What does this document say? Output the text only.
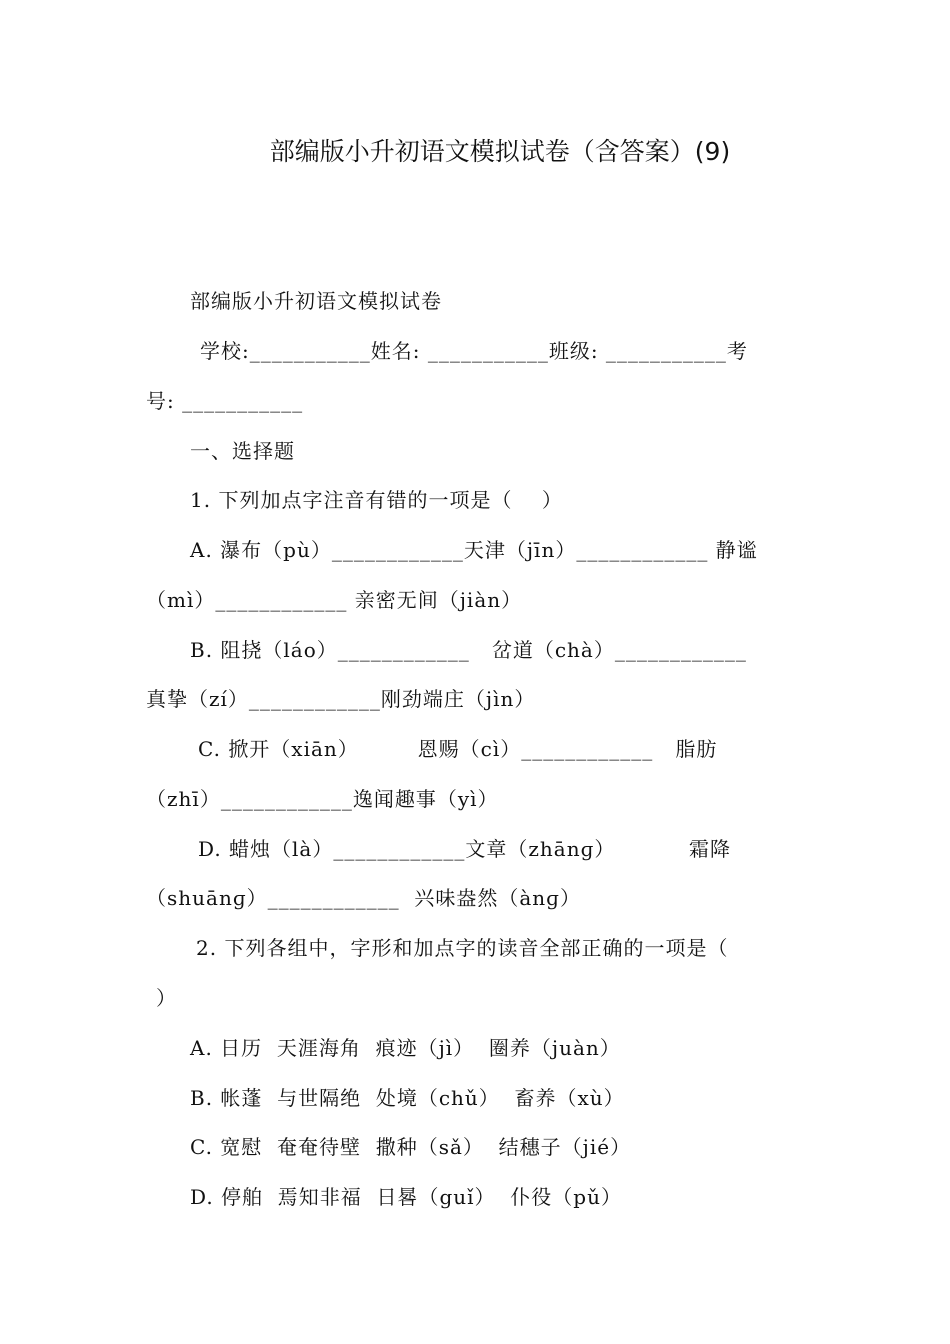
部编版小升初语文模拟试卷（含答案）(9)
部编版小升初语文模拟试卷
学校:___________姓名: ___________班级: ___________考
号: ___________
一、选择题
1. 下列加点字注音有错的一项是（    ）
A. 瀑布（pù）____________天津（jīn）____________ 静谧
（mì）____________ 亲密无间（jiàn）
B. 阻挠（láo）____________   岔道（chà）____________
真挚（zí）____________刚劲端庄（jìn）
C. 掀开（xiān）        恩赐（cì）____________   脂肪
（zhī）____________逸闻趣事（yì）
D. 蜡烛（là）____________文章（zhānɡ）          霜降
（shuānɡ）____________  兴味盎然（ànɡ）
2. 下列各组中，字形和加点字的读音全部正确的一项是（
）
A. 日历  天涯海角  痕迹（jì）  圈养（juàn）
B. 帐蓬  与世隔绝  处境（chǔ）  畜养（xù）
C. 宽慰  奄奄待壁  撒种（sǎ）  结穗子（jié）
D. 停舶  焉知非福  日晷（guǐ）  仆役（pǔ）
